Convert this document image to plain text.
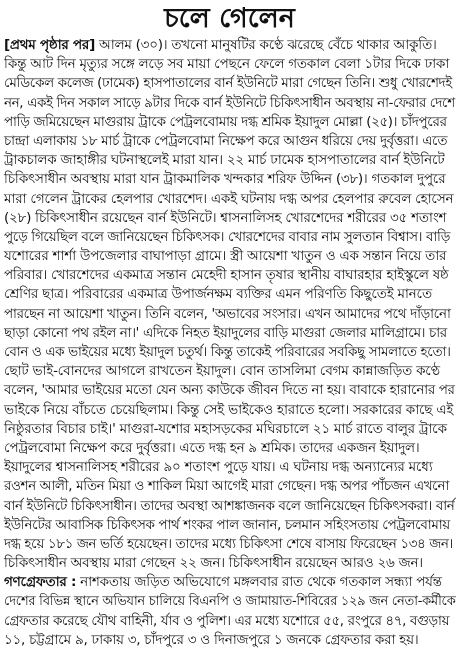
চলে গেলেন
[প্রথম পৃষ্ঠার পর] আলম (৩০)। তখনো মানুষটির কণ্ঠে ঝরেছে বেঁচে থাকার আকুতি।
কিন্তু আট দিন মৃত্যুর সঙ্গে লড়ে সব মায়া পেছনে ফেলে গতকাল বেলা ১টার দিকে ঢাকা
মেডিকেল কলেজ (ঢামেক) হাসপাতালের বার্ন ইউনিটে মারা গেছেন তিনি। শুধু খোরশেদই
নন, একই দিন সকাল সাড়ে ৯টার দিকে বার্ন ইউনিটে চিকিৎসাধীন অবস্থায় না-ফেরার দেশে
পাড়ি জমিয়েছেন মাগুরায় ট্রাকে পেট্রলবোমায় দগ্ধ শ্রমিক ইয়াদুল মোল্লা (২৫)। চাঁদপুরের
চান্দ্রা এলাকায় ১৮ মার্চ ট্রাকে পেট্রলবোমা নিক্ষেপ করে আগুন ধরিয়ে দেয় দুর্বৃত্তরা। এতে
ট্রাকচালক জাহাঙ্গীর ঘটনাস্থলেই মারা যান। ২২ মার্চ ঢামেক হাসপাতালের বার্ন ইউনিটে
চিকিৎসাধীন অবস্থায় মারা যান ট্রাকমালিক খন্দকার শরিফ উদ্দিন (৩৮)। গতকাল দুপুরে
মারা গেলেন ট্রাকের হেলপার খোরশেদ। একই ঘটনায় দগ্ধ অপর হেলপার রুবেল হোসেন
(২৮) চিকিৎসাধীন রয়েছেন বার্ন ইউনিটে। শ্বাসনালিসহ খোরশেদের শরীরের ৩৫ শতাংশ
পুড়ে গিয়েছিল বলে জানিয়েছেন চিকিৎসক। খোরশেদের বাবার নাম সুলতান বিশ্বাস। বাড়ি
যশোরের শার্শা উপজেলার বাঘাপাড়া গ্রামে। স্ত্রী আয়েশা খাতুন ও এক সন্তান নিয়ে তার
পরিবার। খোরশেদের একমাত্র সন্তান মেহেদী হাসান তৃষার স্থানীয় বাঘারহার হাইস্কুলে ষষ্ঠ
শ্রেণির ছাত্র। পরিবারের একমাত্র উপার্জনক্ষম ব্যক্তির এমন পরিণতি কিছুতেই মানতে
পারছেন না আয়েশা খাতুন। তিনি বলেন, 'অভাবের সংসার। এখন আমাদের পথে দাঁড়ানো
ছাড়া কোনো পথ রইল না।' এদিকে নিহত ইয়াদুলের বাড়ি মাগুরা জেলার মালিগ্রামে। চার
বোন ও এক ভাইয়ের মধ্যে ইয়াদুল চতুর্থ। কিন্তু তাকেই পরিবারের সবকিছু সামলাতে হতো।
ছোট ভাই-বোনদের আগলে রাখতেন ইয়াদুল। বোন তাসলিমা বেগম কান্নাজড়িত কণ্ঠে
বলেন, 'আমার ভাইয়ের মতো যেন অন্য কাউকে জীবন দিতে না হয়। বাবাকে হারানোর পর
ভাইকে নিয়ে বাঁচতে চেয়েছিলাম। কিন্তু সেই ভাইকেও হারাতে হলো। সরকারের কাছে এই
নিষ্ঠুরতার বিচার চাই।' মাগুরা-যশোর মহাসড়কের মঘিরচালে ২১ মার্চ রাতে বালুর ট্রাকে
পেট্রলবোমা নিক্ষেপ করে দুর্বৃত্তরা। এতে দগ্ধ হন ৯ শ্রমিক। তাদের একজন ইয়াদুল।
ইয়াদুলের শ্বাসনালিসহ শরীরের ৯০ শতাংশ পুড়ে যায়। এ ঘটনায় দগ্ধ অন্যান্যের মধ্যে
রওশন আলী, মতিন মিয়া ও শাকিল মিয়া আগেই মারা গেছেন। দগ্ধ অপর পাঁচজন এখনো
বার্ন ইউনিটে চিকিৎসাধীন। তাদের অবস্থা আশঙ্কাজনক বলে জানিয়েছেন চিকিৎসকরা। বার্ন
ইউনিটের আবাসিক চিকিৎসক পার্থ শংকর পাল জানান, চলমান সহিংসতায় পেট্রলবোমায়
দগ্ধ হয়ে ১৮১ জন ভর্তি হয়েছেন। তাদের মধ্যে চিকিৎসা শেষে বাসায় ফিরেছেন ১৩৪ জন।
চিকিৎসাধীন অবস্থায় মারা গেছেন ২২ জন। চিকিৎসাধীন রয়েছেন আরও ২৬ জন।
গণগ্রেফতার : নাশকতায় জড়িত অভিযোগে মঙ্গলবার রাত থেকে গতকাল সন্ধ্যা পর্যন্ত
দেশের বিভিন্ন স্থানে অভিযান চালিয়ে বিএনপি ও জামায়াত-শিবিরের ১২৯ জন নেতা-কর্মীকে
গ্রেফতার করেছে যৌথ বাহিনী, র্যাব ও পুলিশ। এর মধ্যে যশোরে ৫৫, রংপুরে ৪৭, বগুড়ায়
১১, চট্টগ্রামে ৯, ঢাকায় ৩, চাঁদপুরে ৩ ও দিনাজপুরে ১ জনকে গ্রেফতার করা হয়।
